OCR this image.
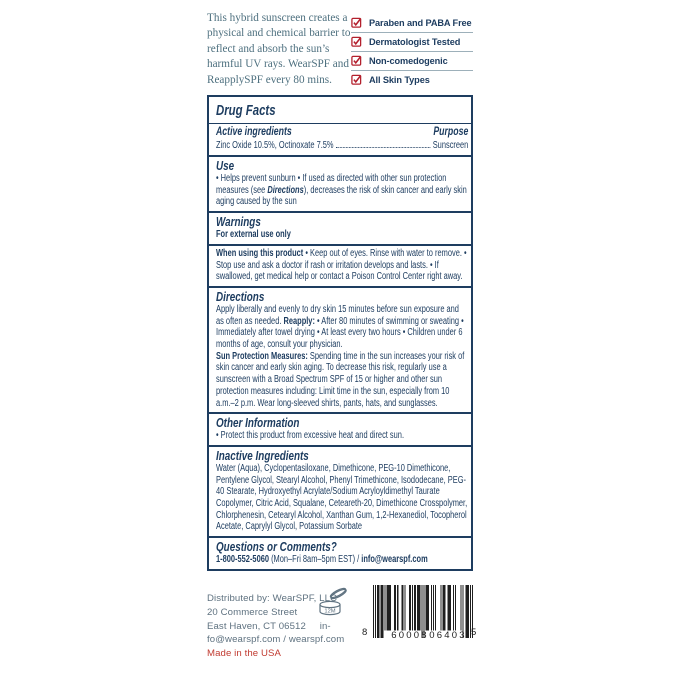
This hybrid sunscreen creates a physical and chemical barrier to reflect and absorb the sun’s harmful UV rays. WearSPF and ReapplySPF every 80 mins.

Paraben and PABA Free
Dermatologist Tested
Non-comedogenic
All Skin Types
Drug Facts
Active ingredients	Purpose
Zinc Oxide 10.5%, Octinoxate 7.5%	Sunscreen
Use

• Helps prevent sunburn • If used as directed with other sun protection measures (see Directions), decreases the risk of skin cancer and early skin aging caused by the sun

Warnings

For external use only

When using this product • Keep out of eyes. Rinse with water to remove. • Stop use and ask a doctor if rash or irritation develops and lasts. • If swallowed, get medical help or contact a Poison Control Center right away.

Directions

Apply liberally and evenly to dry skin 15 minutes before sun exposure and as often as needed. Reapply: • After 80 minutes of swimming or sweating • Immediately after towel drying • At least every two hours • Children under 6 months of age, consult your physician.

Sun Protection Measures: Spending time in the sun increases your risk of skin cancer and early skin aging. To decrease this risk, regularly use a sunscreen with a Broad Spectrum SPF of 15 or higher and other sun protection measures including: Limit time in the sun, especially from 10 a.m.–2 p.m. Wear long-sleeved shirts, pants, hats, and sunglasses.

Other Information

• Protect this product from excessive heat and direct sun.

Inactive Ingredients

Water (Aqua), Cyclopentasiloxane, Dimethicone, PEG-10 Dimethicone, Pentylene Glycol, Stearyl Alcohol, Phenyl Trimethicone, Isododecane, PEG-40 Stearate, Hydroxyethyl Acrylate/Sodium Acryloyldimethyl Taurate Copolymer, Citric Acid, Squalane, Ceteareth-20, Dimethicone Crosspolymer, Chlorphenesin, Cetearyl Alcohol, Xanthan Gum, 1,2-Hexanediol, Tocopherol Acetate, Caprylyl Glycol, Potassium Sorbate

Questions or Comments?

1-800-552-5060 (Mon–Fri 8am–5pm EST) / info@wearspf.com

Distributed by: WearSPF, LLC
20 Commerce Street
East Haven, CT 06512     in-
fo@wearspf.com / wearspf.com
Made in the USA
12M
8	60008 06403 5
